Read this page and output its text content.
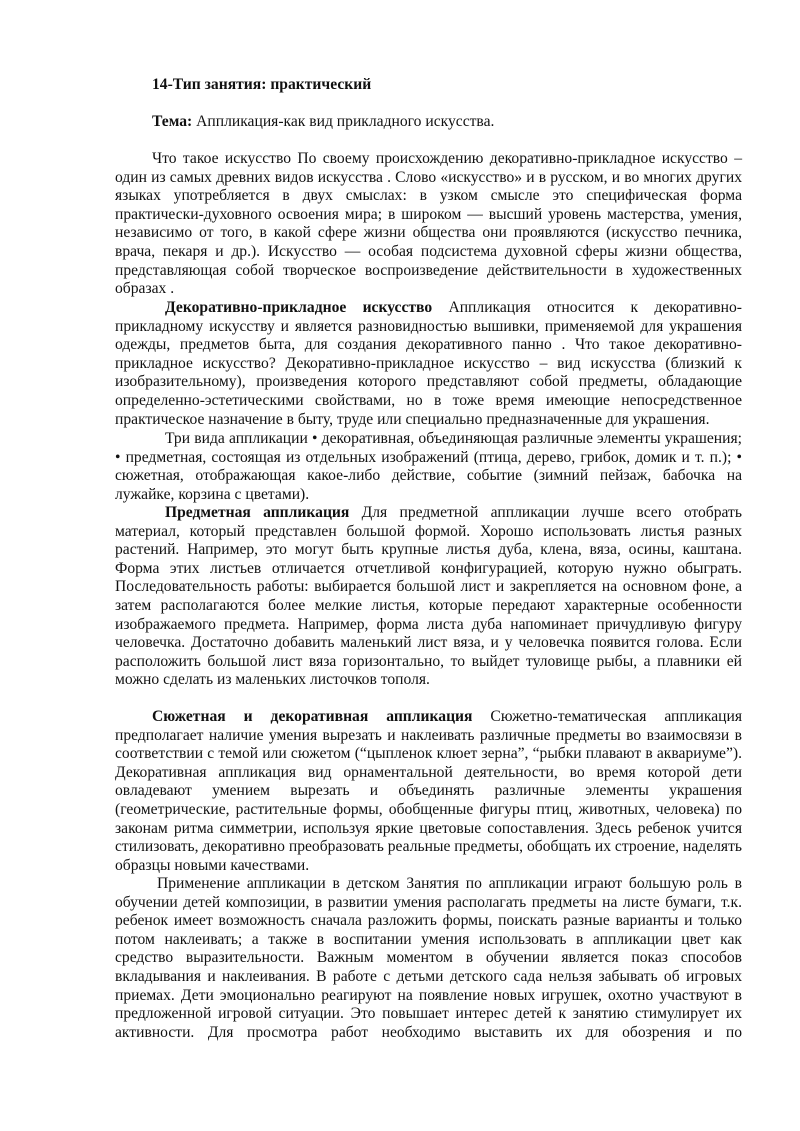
14-Тип занятия: практический
Тема: Аппликация-как вид прикладного искусства.

Что такое искусство По своему происхождению декоративно-прикладное искусство – один из самых древних видов искусства . Слово «искусство» и в русском, и во многих других языках употребляется в двух смыслах: в узком смысле это специфическая форма практически-духовного освоения мира; в широком — высший уровень мастерства, умения, независимо от того, в какой сфере жизни общества они проявляются (искусство печника, врача, пекаря и др.). Искусство — особая подсистема духовной сферы жизни общества, представляющая собой творческое воспроизведение действительности в художественных образах .

Декоративно-прикладное искусство Аппликация относится к декоративно-прикладному искусству и является разновидностью вышивки, применяемой для украшения одежды, предметов быта, для создания декоративного панно . Что такое декоративно-прикладное искусство? Декоративно-прикладное искусство – вид искусства (близкий к изобразительному), произведения которого представляют собой предметы, обладающие определенно-эстетическими свойствами, но в тоже время имеющие непосредственное практическое назначение в быту, труде или специально предназначенные для украшения.

Три вида аппликации • декоративная, объединяющая различные элементы украшения; • предметная, состоящая из отдельных изображений (птица, дерево, грибок, домик и т. п.); • сюжетная, отображающая какое-либо действие, событие (зимний пейзаж, бабочка на лужайке, корзина с цветами).

Предметная аппликация Для предметной аппликации лучше всего отобрать материал, который представлен большой формой. Хорошо использовать листья разных растений. Например, это могут быть крупные листья дуба, клена, вяза, осины, каштана. Форма этих листьев отличается отчетливой конфигурацией, которую нужно обыграть. Последовательность работы: выбирается большой лист и закрепляется на основном фоне, а затем располагаются более мелкие листья, которые передают характерные особенности изображаемого предмета. Например, форма листа дуба напоминает причудливую фигуру человечка. Достаточно добавить маленький лист вяза, и у человечка появится голова. Если расположить большой лист вяза горизонтально, то выйдет туловище рыбы, а плавники ей можно сделать из маленьких листочков тополя.

Сюжетная и декоративная аппликация Сюжетно-тематическая аппликация предполагает наличие умения вырезать и наклеивать различные предметы во взаимосвязи в соответствии с темой или сюжетом (“цыпленок клюет зерна”, “рыбки плавают в аквариуме”). Декоративная аппликация вид орнаментальной деятельности, во время которой дети овладевают умением вырезать и объединять различные элементы украшения (геометрические, растительные формы, обобщенные фигуры птиц, животных, человека) по законам ритма симметрии, используя яркие цветовые сопоставления. Здесь ребенок учится стилизовать, декоративно преобразовать реальные предметы, обобщать их строение, наделять образцы новыми качествами.

Применение аппликации в детском Занятия по аппликации играют большую роль в обучении детей композиции, в развитии умения располагать предметы на листе бумаги, т.к. ребенок имеет возможность сначала разложить формы, поискать разные варианты и только потом наклеивать; а также в воспитании умения использовать в аппликации цвет как средство выразительности. Важным моментом в обучении является показ способов вкладывания и наклеивания. В работе с детьми детского сада нельзя забывать об игровых приемах. Дети эмоционально реагируют на появление новых игрушек, охотно участвуют в предложенной игровой ситуации. Это повышает интерес детей к занятию стимулирует их активности. Для просмотра работ необходимо выставить их для обозрения и по
